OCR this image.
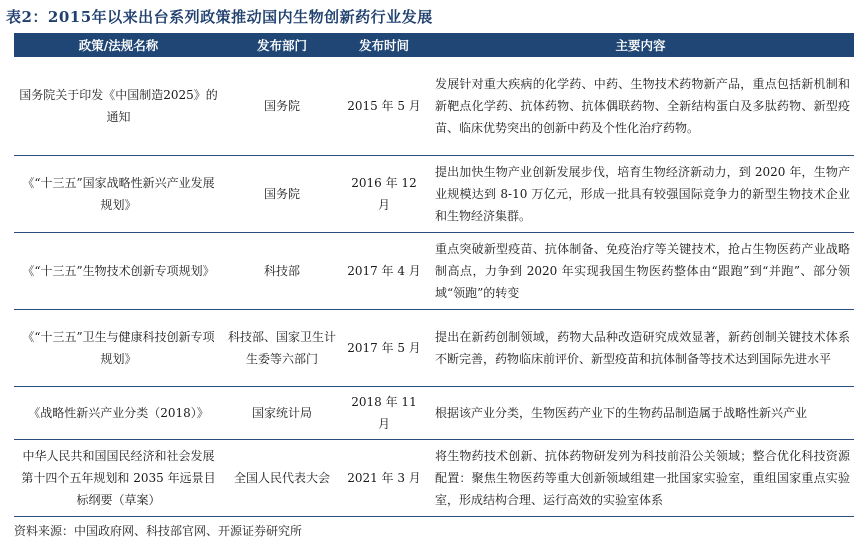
表2：2015年以来出台系列政策推动国内生物创新药行业发展
政策/法规名称	发布部门	发布时间	主要内容
国务院关于印发《中国制造2025》的通知	国务院	2015 年 5 月	发展针对重大疾病的化学药、中药、生物技术药物新产品，重点包括新机制和新靶点化学药、抗体药物、抗体偶联药物、全新结构蛋白及多肽药物、新型疫苗、临床优势突出的创新中药及个性化治疗药物。
《“十三五”国家战略性新兴产业发展规划》	国务院	2016 年 12 月	提出加快生物产业创新发展步伐，培育生物经济新动力，到 2020 年，生物产业规模达到 8-10 万亿元，形成一批具有较强国际竞争力的新型生物技术企业和生物经济集群。
《“十三五”生物技术创新专项规划》	科技部	2017 年 4 月	重点突破新型疫苗、抗体制备、免疫治疗等关键技术，抢占生物医药产业战略制高点，力争到 2020 年实现我国生物医药整体由“跟跑”到“并跑”、部分领域“领跑”的转变
《“十三五”卫生与健康科技创新专项规划》	科技部、国家卫生计生委等六部门	2017 年 5 月	提出在新药创制领域，药物大品种改造研究成效显著，新药创制关键技术体系不断完善，药物临床前评价、新型疫苗和抗体制备等技术达到国际先进水平
《战略性新兴产业分类（2018）》	国家统计局	2018 年 11 月	根据该产业分类，生物医药产业下的生物药品制造属于战略性新兴产业
中华人民共和国国民经济和社会发展第十四个五年规划和 2035 年远景目标纲要（草案）	全国人民代表大会	2021 年 3 月	将生物药技术创新、抗体药物研发列为科技前沿公关领域；整合优化科技资源配置：聚焦生物医药等重大创新领域组建一批国家实验室，重组国家重点实验室，形成结构合理、运行高效的实验室体系
资料来源：中国政府网、科技部官网、开源证券研究所
